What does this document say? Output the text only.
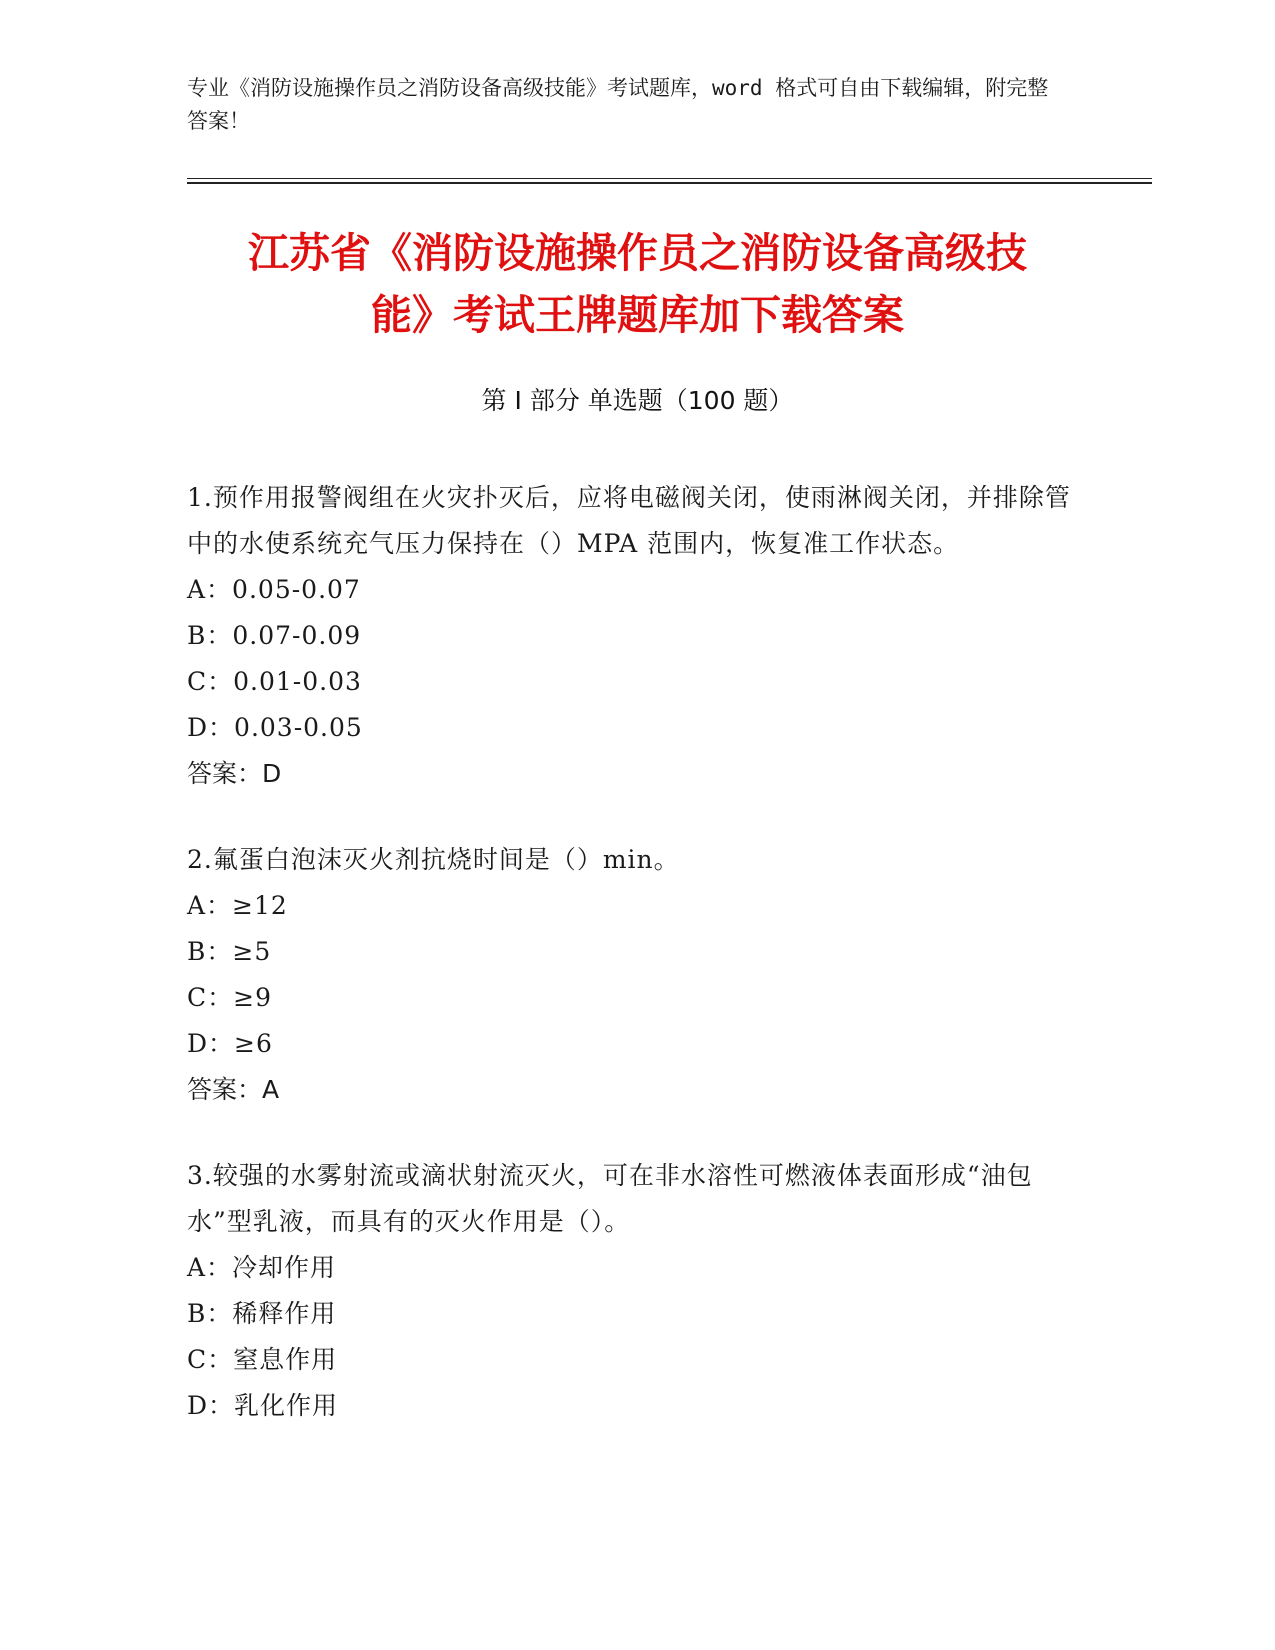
专业《消防设施操作员之消防设备高级技能》考试题库，word 格式可自由下载编辑，附完整答案！
江苏省《消防设施操作员之消防设备高级技
能》考试王牌题库加下载答案
第 I 部分 单选题（100 题）
1.预作用报警阀组在火灾扑灭后，应将电磁阀关闭，使雨淋阀关闭，并排除管中的水使系统充气压力保持在（）MPA 范围内，恢复准工作状态。
A：0.05-0.07
B：0.07-0.09
C：0.01-0.03
D：0.03-0.05
答案：D
2.氟蛋白泡沫灭火剂抗烧时间是（）min。
A：≥12
B：≥5
C：≥9
D：≥6
答案：A
3.较强的水雾射流或滴状射流灭火，可在非水溶性可燃液体表面形成“油包水”型乳液，而具有的灭火作用是（）。
A：冷却作用
B：稀释作用
C：窒息作用
D：乳化作用
